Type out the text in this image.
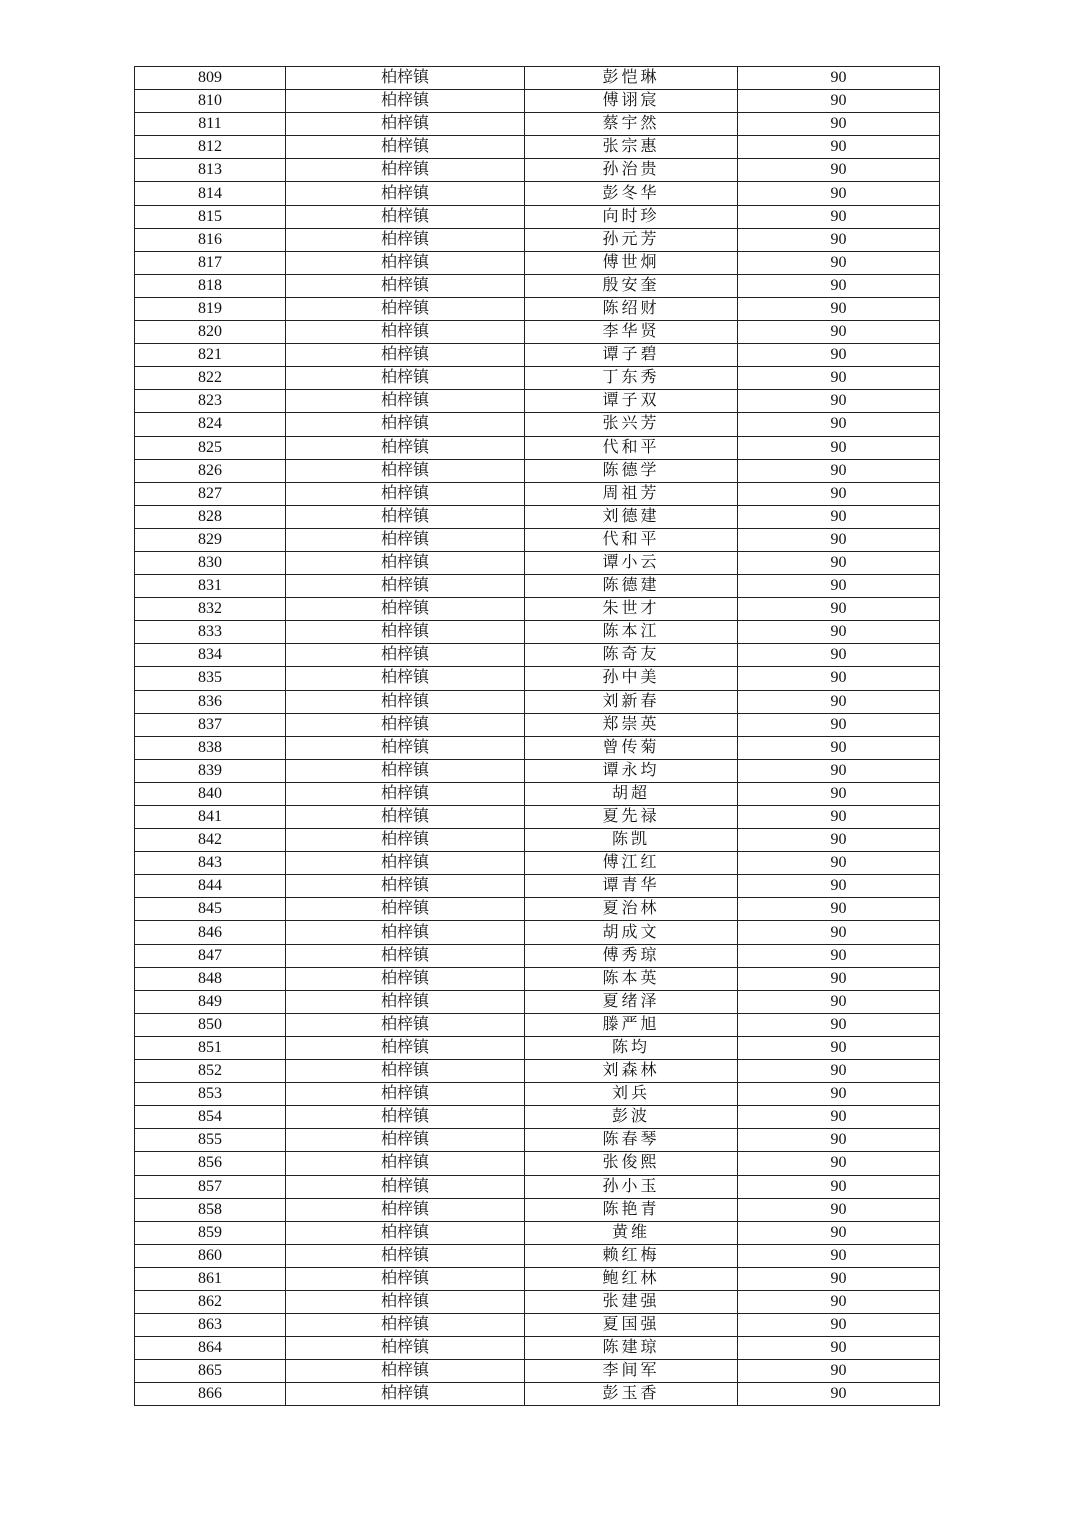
809	柏梓镇	彭恺琳	90
810	柏梓镇	傅诩宸	90
811	柏梓镇	蔡宇然	90
812	柏梓镇	张宗惠	90
813	柏梓镇	孙治贵	90
814	柏梓镇	彭冬华	90
815	柏梓镇	向时珍	90
816	柏梓镇	孙元芳	90
817	柏梓镇	傅世炯	90
818	柏梓镇	殷安奎	90
819	柏梓镇	陈绍财	90
820	柏梓镇	李华贤	90
821	柏梓镇	谭子碧	90
822	柏梓镇	丁东秀	90
823	柏梓镇	谭子双	90
824	柏梓镇	张兴芳	90
825	柏梓镇	代和平	90
826	柏梓镇	陈德学	90
827	柏梓镇	周祖芳	90
828	柏梓镇	刘德建	90
829	柏梓镇	代和平	90
830	柏梓镇	谭小云	90
831	柏梓镇	陈德建	90
832	柏梓镇	朱世才	90
833	柏梓镇	陈本江	90
834	柏梓镇	陈奇友	90
835	柏梓镇	孙中美	90
836	柏梓镇	刘新春	90
837	柏梓镇	郑崇英	90
838	柏梓镇	曾传菊	90
839	柏梓镇	谭永均	90
840	柏梓镇	胡超	90
841	柏梓镇	夏先禄	90
842	柏梓镇	陈凯	90
843	柏梓镇	傅江红	90
844	柏梓镇	谭青华	90
845	柏梓镇	夏治林	90
846	柏梓镇	胡成文	90
847	柏梓镇	傅秀琼	90
848	柏梓镇	陈本英	90
849	柏梓镇	夏绪泽	90
850	柏梓镇	滕严旭	90
851	柏梓镇	陈均	90
852	柏梓镇	刘森林	90
853	柏梓镇	刘兵	90
854	柏梓镇	彭波	90
855	柏梓镇	陈春琴	90
856	柏梓镇	张俊熙	90
857	柏梓镇	孙小玉	90
858	柏梓镇	陈艳青	90
859	柏梓镇	黄维	90
860	柏梓镇	赖红梅	90
861	柏梓镇	鲍红林	90
862	柏梓镇	张建强	90
863	柏梓镇	夏国强	90
864	柏梓镇	陈建琼	90
865	柏梓镇	李间军	90
866	柏梓镇	彭玉香	90
